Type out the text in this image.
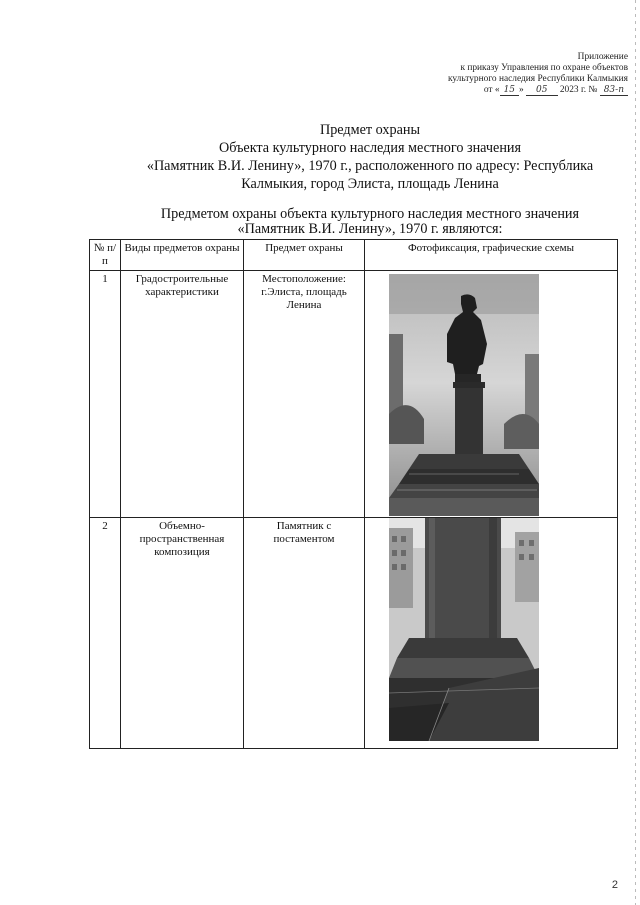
Приложение
к приказу Управления по охране объектов
культурного наследия Республики Калмыкия
от « 15 » 05 2023 г. № 83-п
Предмет охраны
Объекта культурного наследия местного значения
«Памятник В.И. Ленину», 1970 г., расположенного по адресу: Республика
Калмыкия, город Элиста, площадь Ленина
Предметом охраны объекта культурного наследия местного значения
«Памятник В.И. Ленину», 1970 г. являются:
№ п/п	Виды предметов охраны	Предмет охраны	Фотофиксация, графические схемы
1	Градостроительные характеристики	Местоположение: г.Элиста, площадь Ленина	

2	Объемно-пространственная композиция	Памятник с постаментом	
2
